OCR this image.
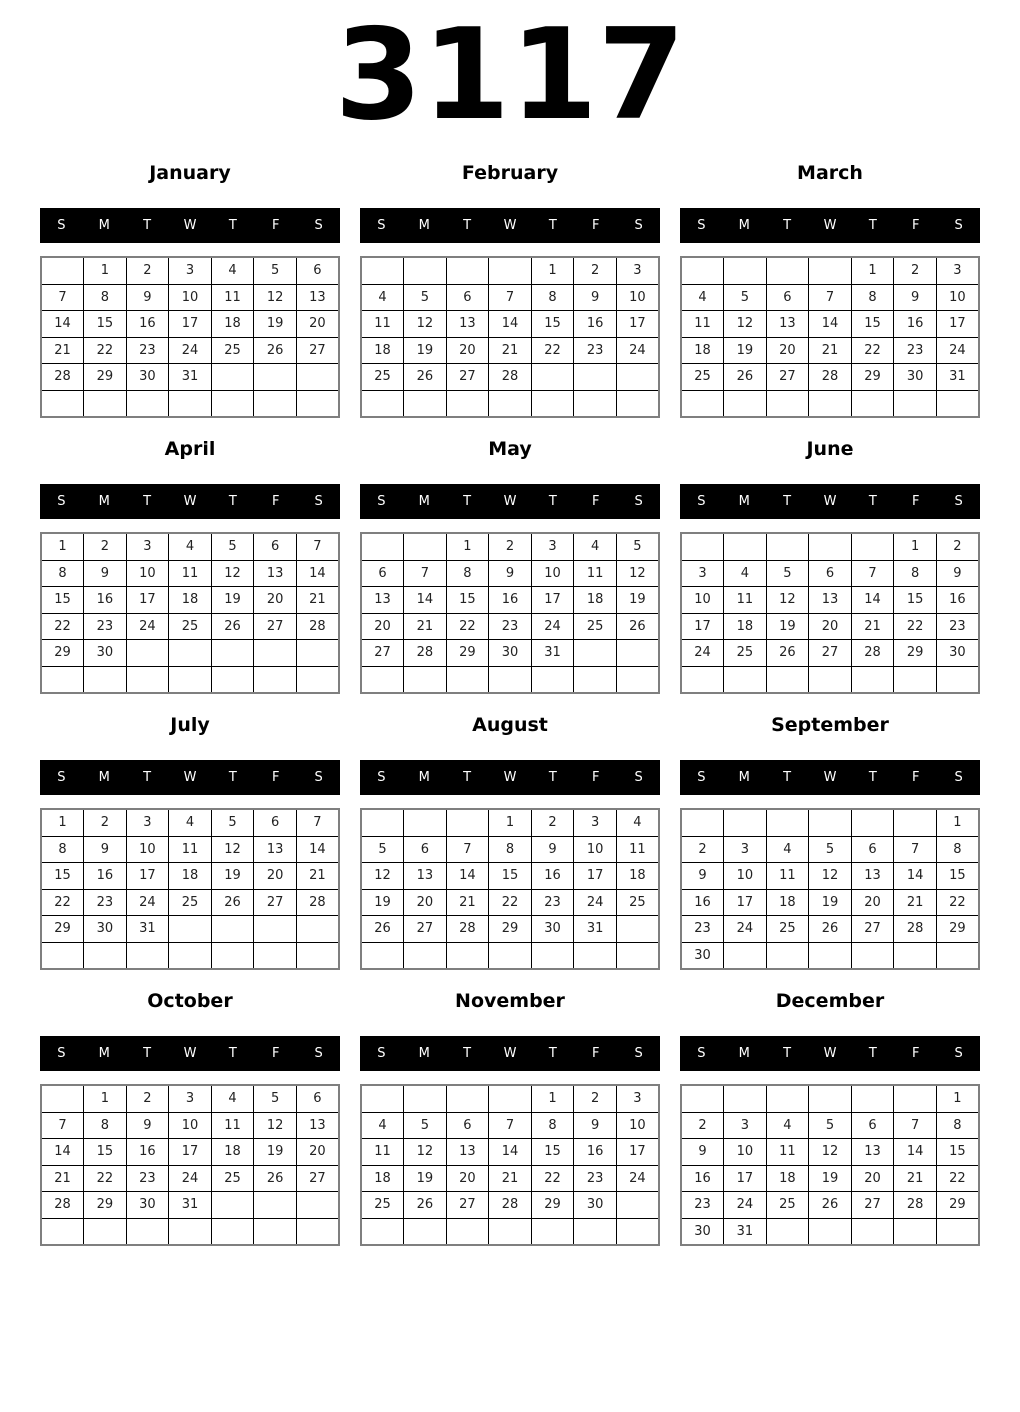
3117
January
S	M	T	W	T	F	S
	1	2	3	4	5	6
7	8	9	10	11	12	13
14	15	16	17	18	19	20
21	22	23	24	25	26	27
28	29	30	31			

February
S	M	T	W	T	F	S
				1	2	3
4	5	6	7	8	9	10
11	12	13	14	15	16	17
18	19	20	21	22	23	24
25	26	27	28			

March
S	M	T	W	T	F	S
				1	2	3
4	5	6	7	8	9	10
11	12	13	14	15	16	17
18	19	20	21	22	23	24
25	26	27	28	29	30	31

April
S	M	T	W	T	F	S
1	2	3	4	5	6	7
8	9	10	11	12	13	14
15	16	17	18	19	20	21
22	23	24	25	26	27	28
29	30					

May
S	M	T	W	T	F	S
		1	2	3	4	5
6	7	8	9	10	11	12
13	14	15	16	17	18	19
20	21	22	23	24	25	26
27	28	29	30	31		

June
S	M	T	W	T	F	S
					1	2
3	4	5	6	7	8	9
10	11	12	13	14	15	16
17	18	19	20	21	22	23
24	25	26	27	28	29	30

July
S	M	T	W	T	F	S
1	2	3	4	5	6	7
8	9	10	11	12	13	14
15	16	17	18	19	20	21
22	23	24	25	26	27	28
29	30	31				

August
S	M	T	W	T	F	S
			1	2	3	4
5	6	7	8	9	10	11
12	13	14	15	16	17	18
19	20	21	22	23	24	25
26	27	28	29	30	31	

September
S	M	T	W	T	F	S
						1
2	3	4	5	6	7	8
9	10	11	12	13	14	15
16	17	18	19	20	21	22
23	24	25	26	27	28	29
30						
October
S	M	T	W	T	F	S
	1	2	3	4	5	6
7	8	9	10	11	12	13
14	15	16	17	18	19	20
21	22	23	24	25	26	27
28	29	30	31			

November
S	M	T	W	T	F	S
				1	2	3
4	5	6	7	8	9	10
11	12	13	14	15	16	17
18	19	20	21	22	23	24
25	26	27	28	29	30	

December
S	M	T	W	T	F	S
						1
2	3	4	5	6	7	8
9	10	11	12	13	14	15
16	17	18	19	20	21	22
23	24	25	26	27	28	29
30	31					
